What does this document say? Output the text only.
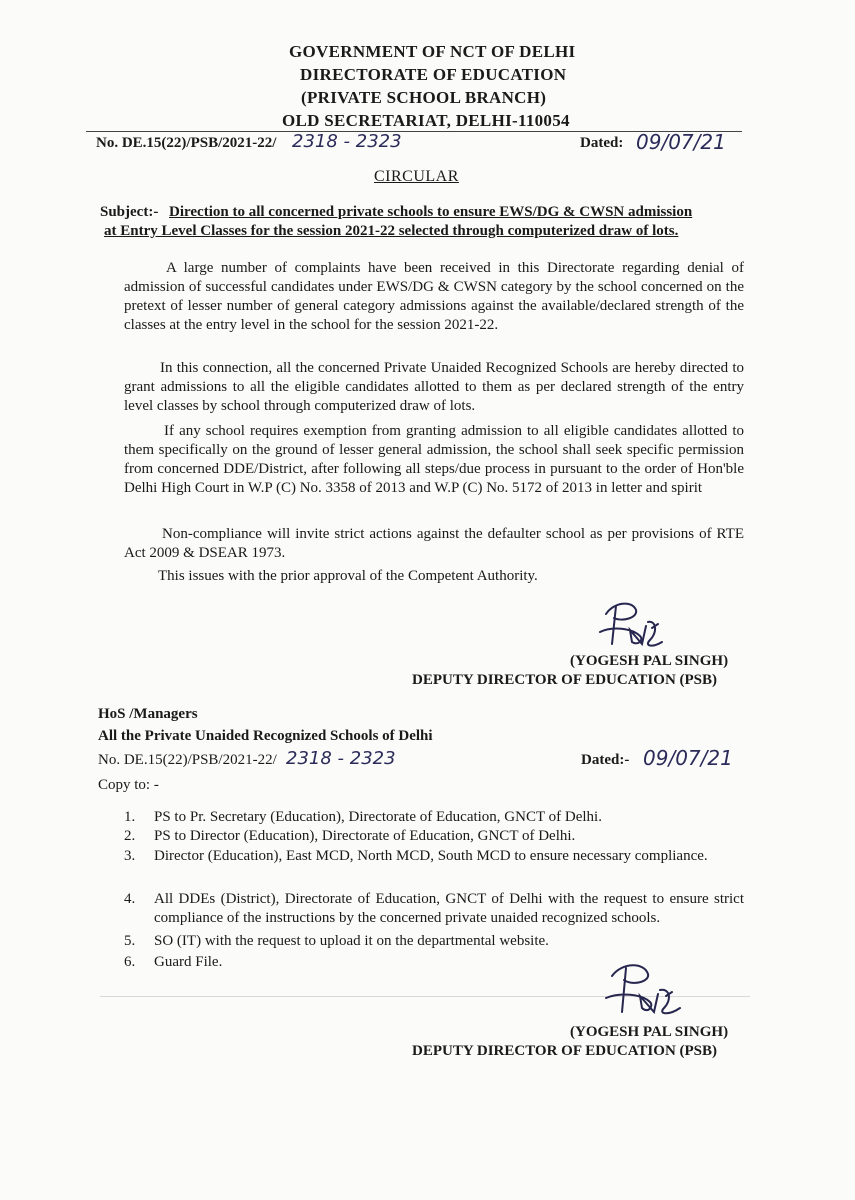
GOVERNMENT OF NCT OF DELHI
DIRECTORATE OF EDUCATION
(PRIVATE SCHOOL BRANCH)
OLD SECRETARIAT, DELHI-110054
No. DE.15(22)/PSB/2021-22/ 2318 - 2323	Dated: 09/07/21
CIRCULAR
Subject:- Direction to all concerned private schools to ensure EWS/DG & CWSN admission
at Entry Level Classes for the session 2021-22 selected through computerized draw of lots.
A large number of complaints have been received in this Directorate regarding denial of admission of successful candidates under EWS/DG & CWSN category by the school concerned on the pretext of lesser number of general category admissions against the available/declared strength of the classes at the entry level in the school for the session 2021-22.
In this connection, all the concerned Private Unaided Recognized Schools are hereby directed to grant admissions to all the eligible candidates allotted to them as per declared strength of the entry level classes by school through computerized draw of lots.
If any school requires exemption from granting admission to all eligible candidates allotted to them specifically on the ground of lesser general admission, the school shall seek specific permission from concerned DDE/District, after following all steps/due process in pursuant to the order of Hon'ble Delhi High Court in W.P (C) No. 3358 of 2013 and W.P (C) No. 5172 of 2013 in letter and spirit
Non-compliance will invite strict actions against the defaulter school as per provisions of RTE Act 2009 & DSEAR 1973.
This issues with the prior approval of the Competent Authority.
(YOGESH PAL SINGH)
DEPUTY DIRECTOR OF EDUCATION (PSB)
HoS /Managers
All the Private Unaided Recognized Schools of Delhi
No. DE.15(22)/PSB/2021-22/ 2318 - 2323	Dated:- 09/07/21
Copy to: -
1. PS to Pr. Secretary (Education), Directorate of Education, GNCT of Delhi.
2. PS to Director (Education), Directorate of Education, GNCT of Delhi.
3. Director (Education), East MCD, North MCD, South MCD to ensure necessary compliance.
4. All DDEs (District), Directorate of Education, GNCT of Delhi with the request to ensure strict compliance of the instructions by the concerned private unaided recognized schools.
5. SO (IT) with the request to upload it on the departmental website.
6. Guard File.
(YOGESH PAL SINGH)
DEPUTY DIRECTOR OF EDUCATION (PSB)
